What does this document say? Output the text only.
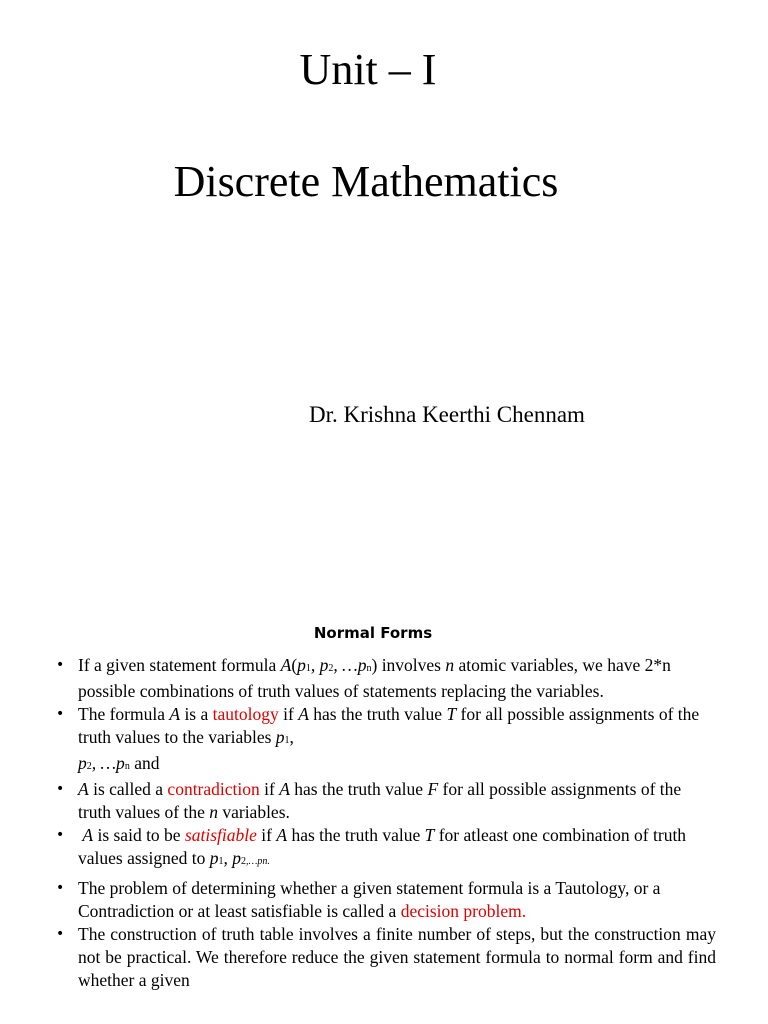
Unit – I
Discrete Mathematics
Dr. Krishna Keerthi Chennam
Normal Forms
• If a given statement formula A(p1, p2, …pn) involves n atomic variables, we have 2*n possible combinations of truth values of statements replacing the variables.
• The formula A is a tautology if A has the truth value T for all possible assignments of the truth values to the variables p1,
p2, …pn and
• A is called a contradiction if A has the truth value F for all possible assignments of the truth values of the n variables.
• A is said to be satisfiable if A has the truth value T for atleast one combination of truth values assigned to p1, p2,…pn.
• The problem of determining whether a given statement formula is a Tautology, or a Contradiction or at least satisfiable is called a decision problem.
• The construction of truth table involves a finite number of steps, but the construction may not be practical. We therefore reduce the given statement formula to normal form and find whether a given
